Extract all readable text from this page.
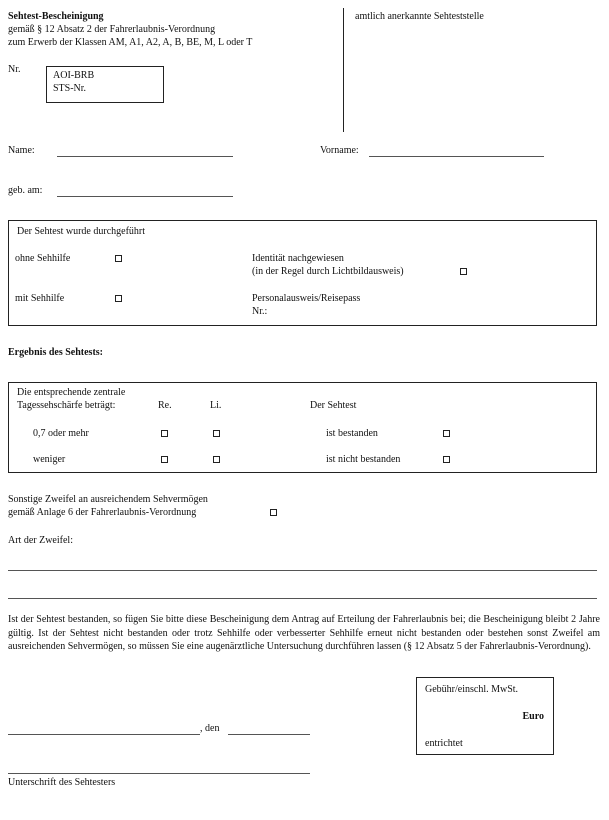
Sehtest-Bescheinigung
gemäß § 12 Absatz 2 der Fahrerlaubnis-Verordnung
zum Erwerb der Klassen AM, A1, A2, A, B, BE, M, L oder T
amtlich anerkannte Sehteststelle
Nr.
AOI-BRB
STS-Nr.
Name:	Vorname:
geb. am:
Der Sehtest wurde durchgeführt
ohne Sehhilfe
mit Sehhilfe
Identität nachgewiesen
(in der Regel durch Lichtbildausweis)
Personalausweis/Reisepass
Nr.:
Ergebnis des Sehtests:
Die entsprechende zentrale
Tagessehschärfe beträgt:	Re.	Li.	Der Sehtest
0,7 oder mehr	ist bestanden
weniger	ist nicht bestanden
Sonstige Zweifel an ausreichendem Sehvermögen
gemäß Anlage 6 der Fahrerlaubnis-Verordnung
Art der Zweifel:
Ist der Sehtest bestanden, so fügen Sie bitte diese Bescheinigung dem Antrag auf Erteilung der Fahrerlaubnis bei; die Bescheinigung bleibt 2 Jahre gültig. Ist der Sehtest nicht bestanden oder trotz Sehhilfe oder verbesserter Sehhilfe erneut nicht bestanden oder bestehen sonst Zweifel am ausreichenden Sehvermögen, so müssen Sie eine augenärztliche Untersuchung durchführen lassen (§ 12 Absatz 5 der Fahrerlaubnis-Verordnung).
Gebühr/einschl. MwSt.
Euro
entrichtet
, den
Unterschrift des Sehtesters
